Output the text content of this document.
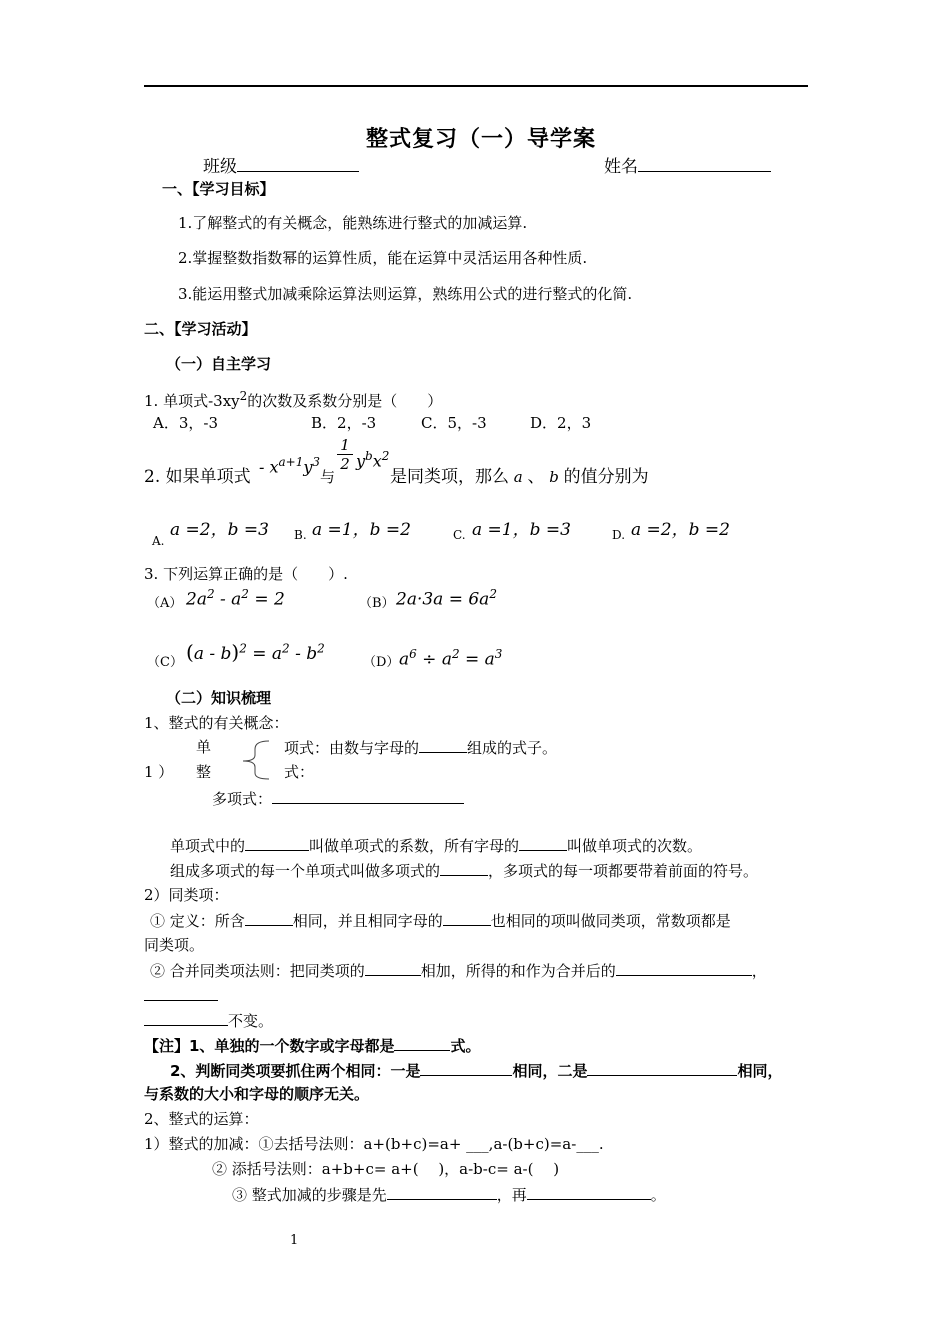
整式复习（一）导学案
班级	姓名
一、【学习目标】
1.了解整式的有关概念，能熟练进行整式的加减运算.
2.掌握整数指数幂的运算性质，能在运算中灵活运用各种性质.
3.能运用整式加减乘除运算法则运算，熟练用公式的进行整式的化简.
二、【学习活动】
（一）自主学习
1. 单项式$-3xy^2$的次数及系数分别是（　　）
A．3，-3	B．2，-3	C．5，-3	D．2，3
2. 如果单项式
- $x^{a+1}y^3$
与
1
2 $y^bx^2$
是同类项，那么 a 、 b 的值分别为
A.
a =2，b =3 B. a =1，b =2	C. a =1，b =3	D. a =2，b =2
3. 下列运算正确的是（　　）.
（A） $2a^2 - a^2 = 2$	（B） $2a\cdot 3a = 6a^2$
（C） $(a - b)^2 = a^2 - b^2$
（D） $a^6 \div a^2 = a^3$
（二）知识梳理
1、整式的有关概念：
单
1 ） 整
项式：由数与字母的	组成的式子。
式：
多项式：
单项式中的	叫做单项式的系数，所有字母的	叫做单项式的次数。
组成多项式的每一个单项式叫做多项式的	，多项式的每一项都要带着前面的符号。
2）同类项：
① 定义：所含	相同，并且相同字母的	也相同的项叫做同类项，常数项都是
同类项。
② 合并同类项法则：把同类项的	相加，所得的和作为合并后的	，
不变。
【注】1、单独的一个数字或字母都是	式。
2、判断同类项要抓住两个相同：一是	相同，二是	相同，
与系数的大小和字母的顺序无关。
2、整式的运算：
1）整式的加减：①去括号法则：a+(b+c)=a+ ___,a-(b+c)=a-___.
② 添括号法则：a+b+c= a+(　 )，a-b-c= a-(　 )
③ 整式加减的步骤是先	，再	。
1
